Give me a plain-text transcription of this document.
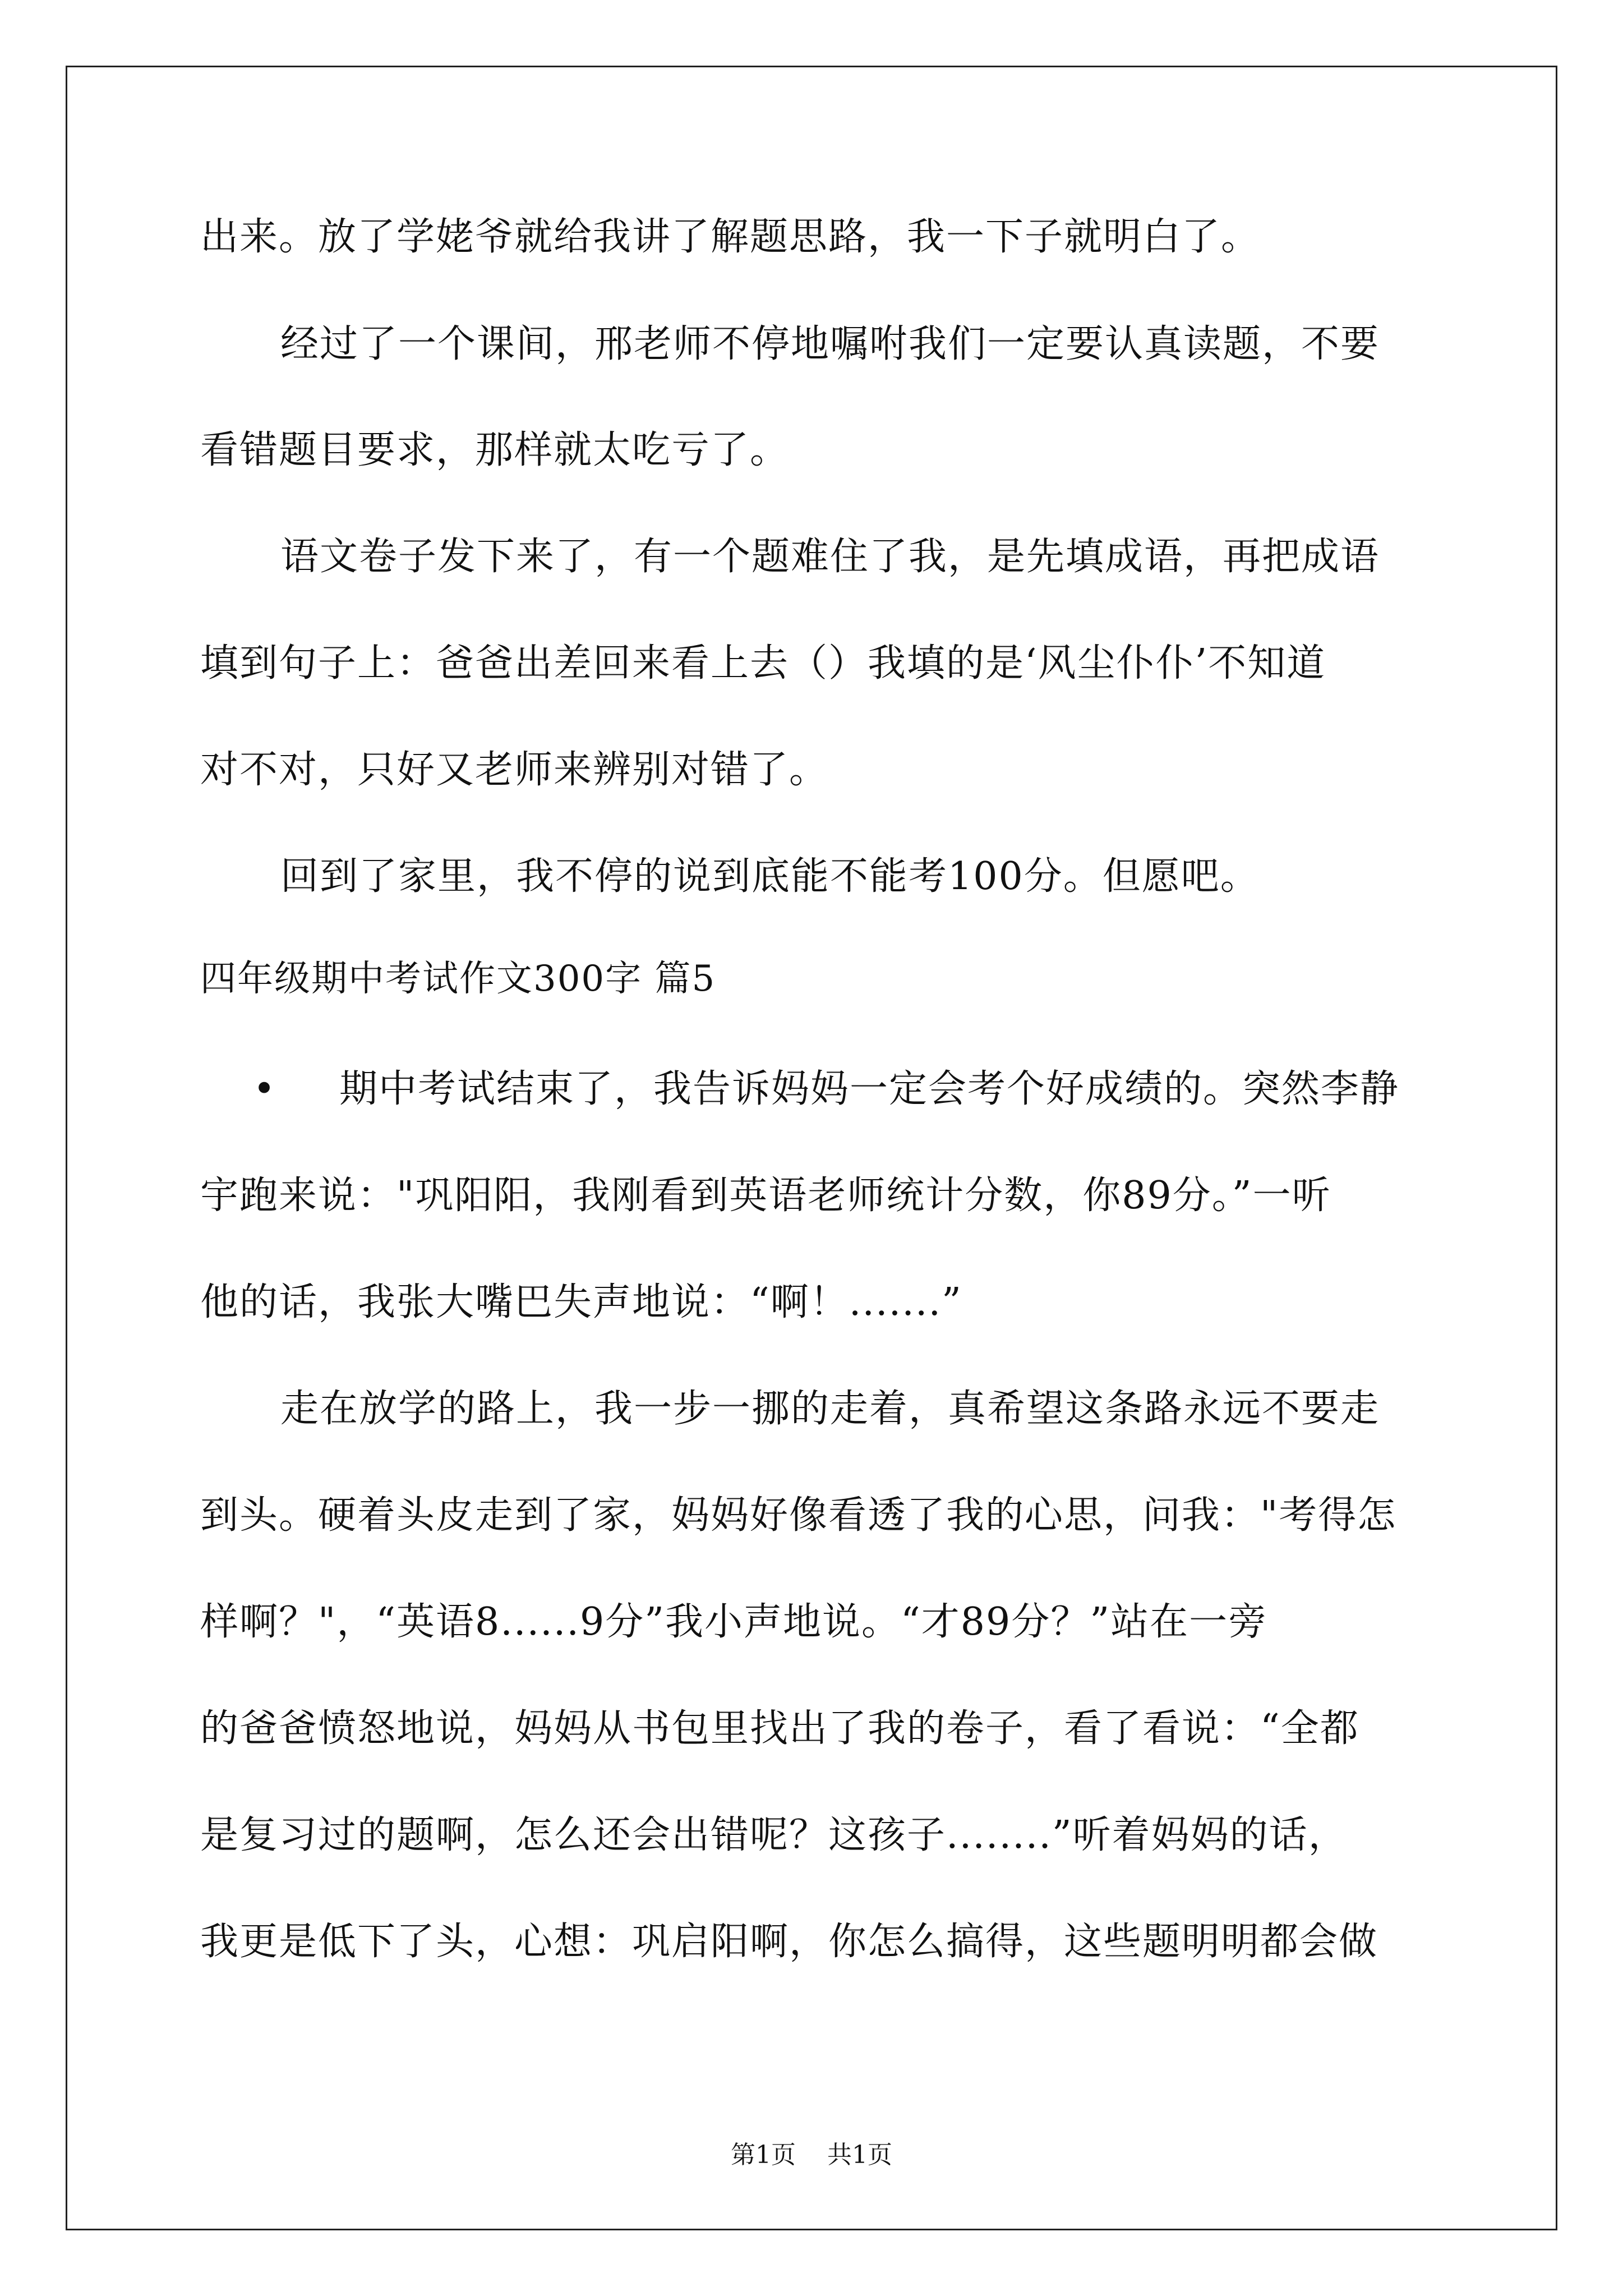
出来。放了学姥爷就给我讲了解题思路，我一下子就明白了。
经过了一个课间，邢老师不停地嘱咐我们一定要认真读题，不要
看错题目要求，那样就太吃亏了。
语文卷子发下来了，有一个题难住了我，是先填成语，再把成语
填到句子上：爸爸出差回来看上去（）我填的是‘风尘仆仆’不知道
对不对，只好又老师来辨别对错了。
回到了家里，我不停的说到底能不能考100分。但愿吧。
四年级期中考试作文300字 篇5
• 期中考试结束了，我告诉妈妈一定会考个好成绩的。突然李静
宇跑来说："巩阳阳，我刚看到英语老师统计分数，你89分。”一听
他的话，我张大嘴巴失声地说：“啊！.......”
走在放学的路上，我一步一挪的走着，真希望这条路永远不要走
到头。硬着头皮走到了家，妈妈好像看透了我的心思，问我："考得怎
样啊？"，“英语8......9分”我小声地说。“才89分？”站在一旁
的爸爸愤怒地说，妈妈从书包里找出了我的卷子，看了看说：“全都
是复习过的题啊，怎么还会出错呢？这孩子........”听着妈妈的话，
我更是低下了头，心想：巩启阳啊，你怎么搞得，这些题明明都会做
第1页 共1页
